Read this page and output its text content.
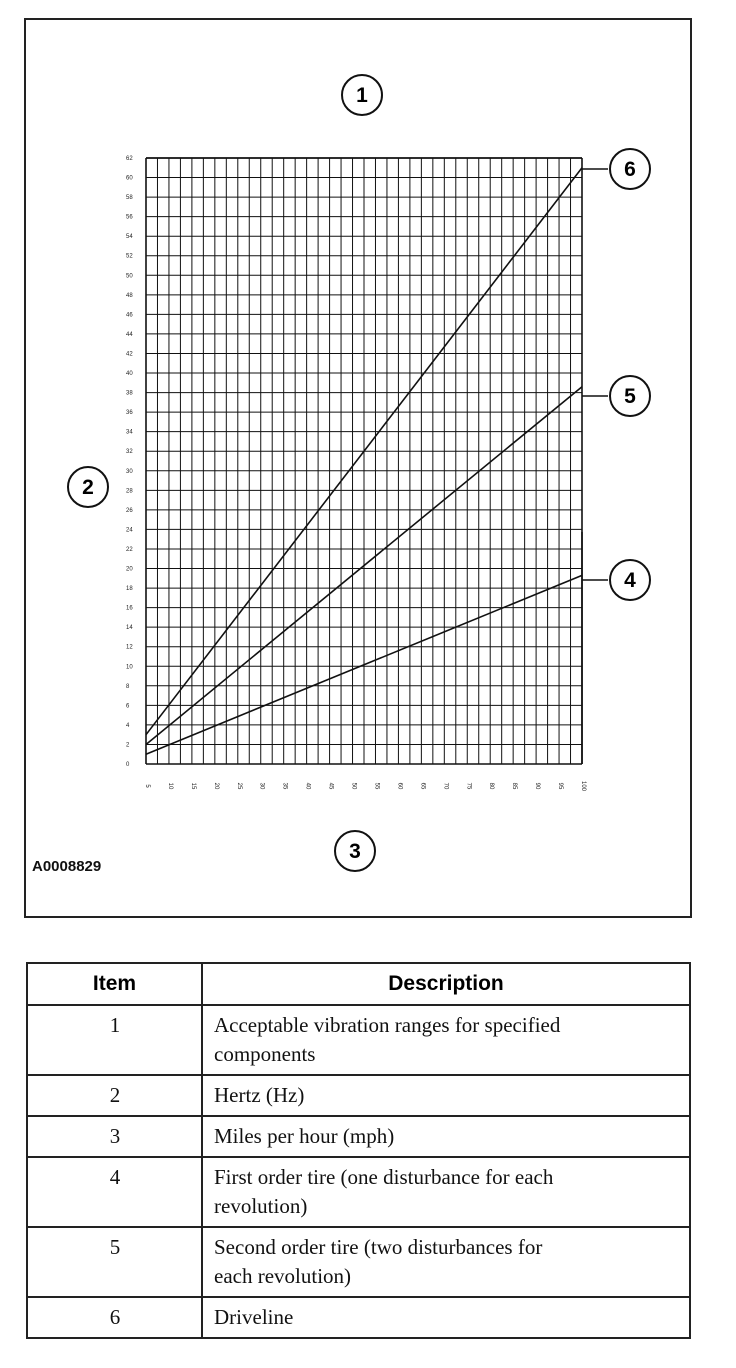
0
2
4
6
8
10
12
14
16
18
20
22
24
26
28
30
32
34
36
38
40
42
44
46
48
50
52
54
56
58
60
62
5	10	15	20	25	30	35	40	45	50	55	60	65	70	75	80	85	90	95	100
1
2
3
4
5
6
A0008829
Item	Description
1	Acceptable vibration ranges for specified
components
2	Hertz (Hz)
3	Miles per hour (mph)
4	First order tire (one disturbance for each
revolution)
5	Second order tire (two disturbances for
each revolution)
6	Driveline
